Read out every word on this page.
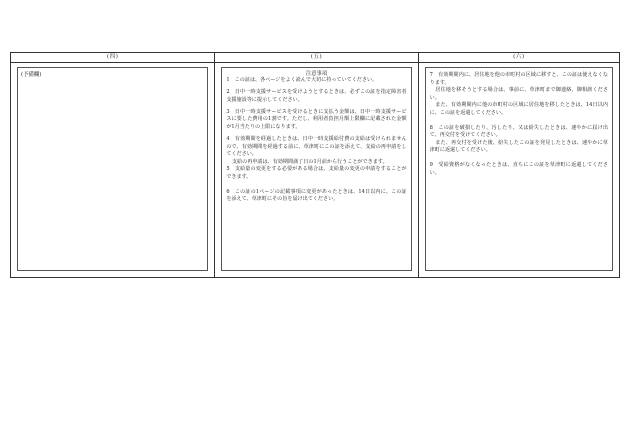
(四)
(予備欄)
(五)
注意事項

1　この証は、各ページをよく読んで大切に持っていてください。

2　日中一時支援サービスを受けようとするときは、必ずこの証を指定障害者支援施設等に提示してください。

3　日中一時支援サービスを受けるときに支払う金額は、日中一時支援サービスに要した費用の1割です。ただし、利用者負担月額上限欄に記載された金額が1月当たりの上限になります。

4　有効期間を経過したときは、日中一時支援給付費の支給は受けられませんので、有効期間を経過する前に、草津町にこの証を添えて、支給の再申請をしてください。

支給の再申請は、有効期間満了日の1月前から行うことができます。

5　支給量の変更をする必要がある場合は、支給量の変更の申請をすることができます。

6　この証の1ページの記載事項に変更があったときは、14日以内に、この証を添えて、草津町にその旨を届け出てください。

(六)

7　有効期間内に、居住地を他の市町村の区域に移すと、この証は使えなくなります。

居住地を移そうとする場合は、事前に、草津町まで御連絡、御相談ください。

また、有効期間内に他の市町村の区域に居住地を移したときは、14日以内に、この証を返還してください。

8　この証を破損したり、汚したり、又は紛失したときは、速やかに届け出て、再交付を受けてください。

また、再交付を受けた後、紛失したこの証を発見したときは、速やかに草津町に返還してください。

9　受給資格がなくなったときは、直ちにこの証を草津町に返還してください。
